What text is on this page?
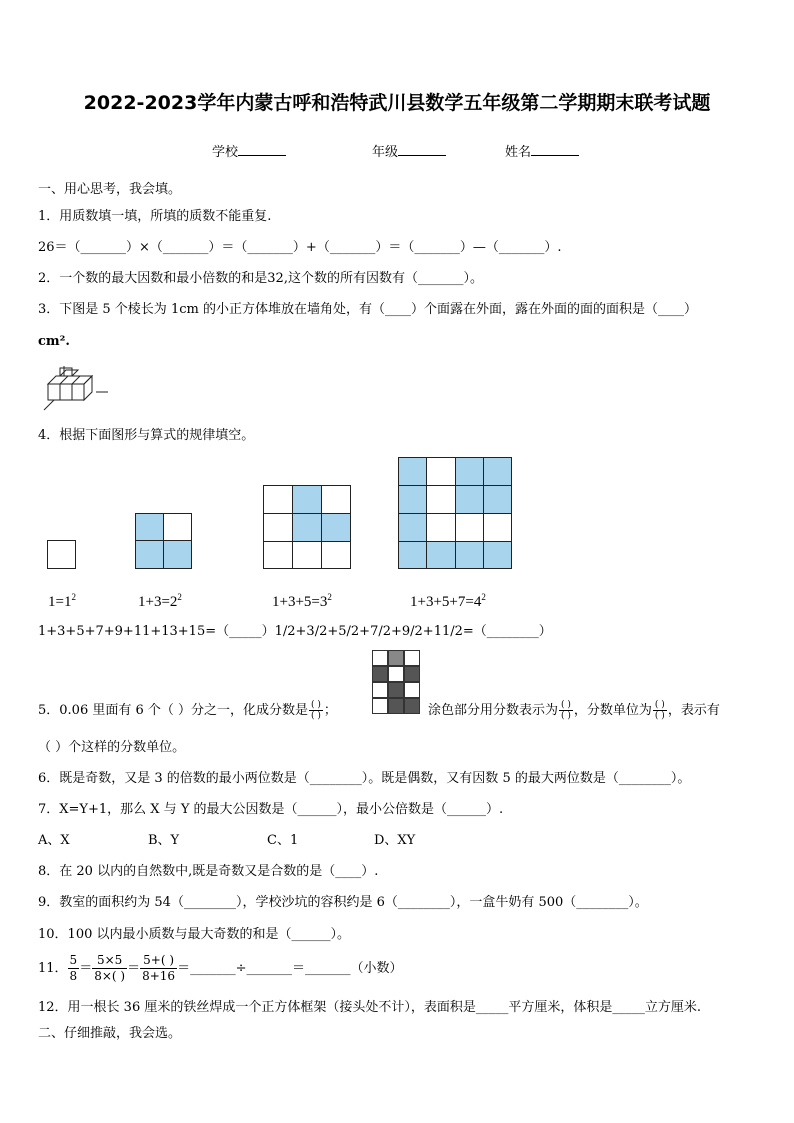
2022-2023学年内蒙古呼和浩特武川县数学五年级第二学期期末联考试题
学校	年级	姓名
一、用心思考，我会填。
1．用质数填一填，所填的质数不能重复.
26＝（_______）×（_______）＝（_______）+（_______）＝（_______）—（_______）.
2．一个数的最大因数和最小倍数的和是32,这个数的所有因数有（_______）。
3．下图是 5 个棱长为 1cm 的小正方体堆放在墙角处，有（____）个面露在外面，露在外面的面的面积是（____）
cm².
4．根据下面图形与算式的规律填空。
$1=1^2$	$1+3=2^2$	$1+3+5=3^2$	$1+3+5+7=4^2$
1+3+5+7+9+11+13+15=（_____）1/2+3/2+5/2+7/2+9/2+11/2=（________）
5．0.06 里面有 6 个（ ）分之一，化成分数是 $\frac{( )}{( )}$ ；	涂色部分用分数表示为 $\frac{( )}{( )}$ ，分数单位为 $\frac{( )}{( )}$ ，表示有
（ ）个这样的分数单位。
6．既是奇数，又是 3 的倍数的最小两位数是（________）。既是偶数，又有因数 5 的最大两位数是（________）。
7．X=Y+1，那么 X 与 Y 的最大公因数是（______），最小公倍数是（______）.
A、X	B、Y	C、1	D、XY
8．在 20 以内的自然数中,既是奇数又是合数的是（____）.
9．教室的面积约为 54（________），学校沙坑的容积约是 6（________），一盒牛奶有 500（________）。
10．100 以内最小质数与最大奇数的和是（______）。
11． $\frac{5}{8} = \frac{5\times 5}{8\times( )} = \frac{5+( )}{8+16}$ ＝_______÷_______＝_______（小数）
12．用一根长 36 厘米的铁丝焊成一个正方体框架（接头处不计），表面积是_____平方厘米，体积是_____立方厘米.
二、仔细推敲，我会选。
